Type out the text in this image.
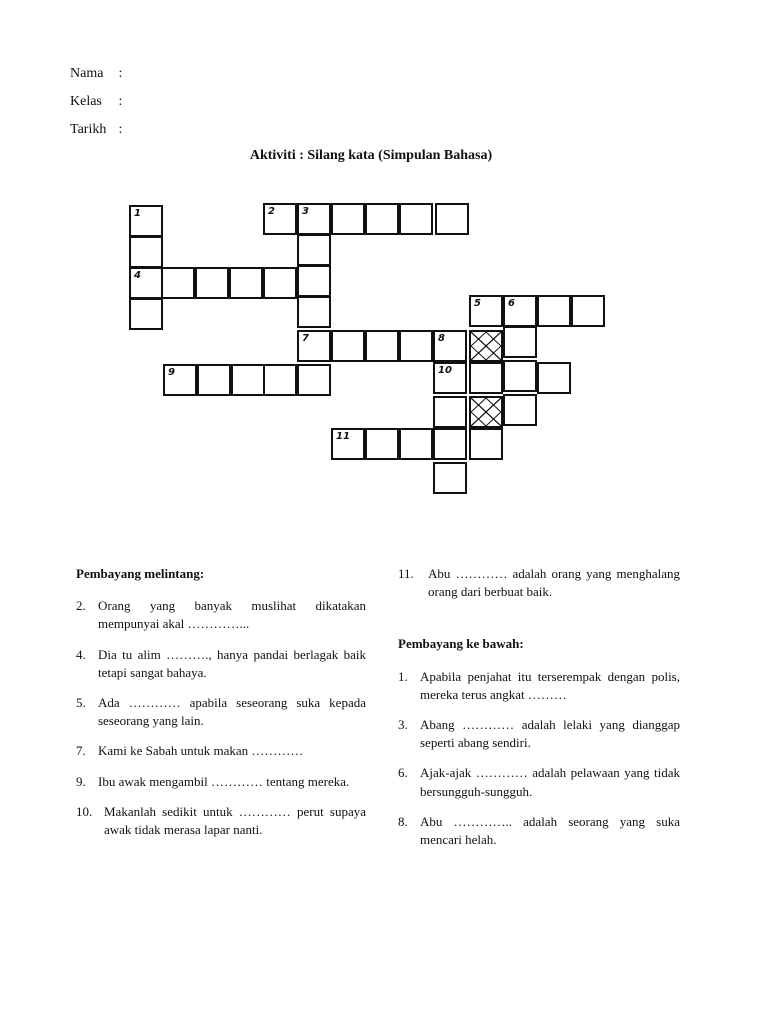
Nama :
Kelas :
Tarikh :
Aktiviti : Silang kata (Simpulan Bahasa)
1
4
2	3
5	6
7	8
9	10
11
Pembayang melintang:
2. Orang yang banyak muslihat dikatakan mempunyai akal …………...
4. Dia tu alim ………., hanya pandai berlagak baik tetapi sangat bahaya.
5. Ada ………… apabila seseorang suka kepada seseorang yang lain.
7. Kami ke Sabah untuk makan …………
9. Ibu awak mengambil ………… tentang mereka.
10. Makanlah sedikit untuk ………… perut supaya awak tidak merasa lapar nanti.
11.	Abu ………… adalah orang yang menghalang orang dari berbuat baik.
Pembayang ke bawah:
1. Apabila penjahat itu terserempak dengan polis, mereka terus angkat ………
3. Abang ………… adalah lelaki yang dianggap seperti abang sendiri.
6. Ajak-ajak ………… adalah pelawaan yang tidak bersungguh-sungguh.
8. Abu ………….. adalah seorang yang suka mencari helah.
